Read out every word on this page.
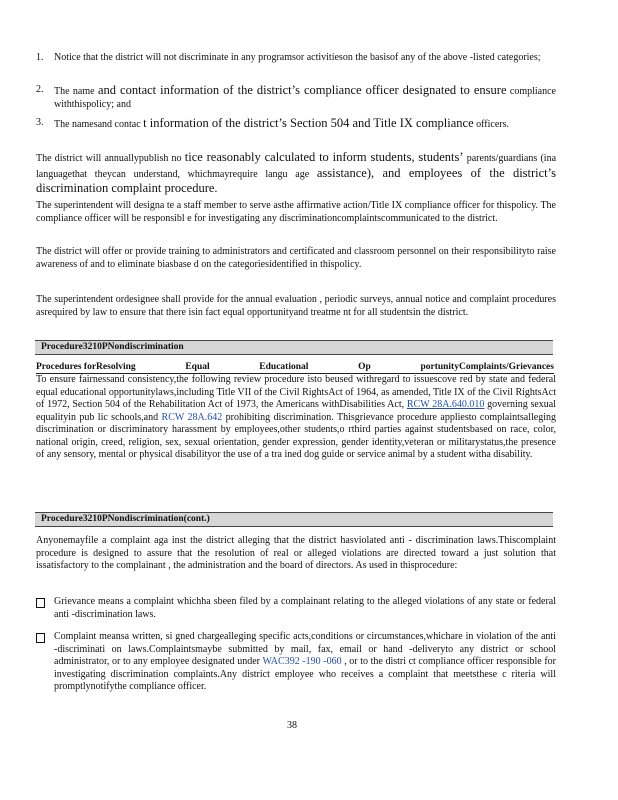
1. Notice that the district will not discriminate in any programsor activitieson the basisof any of the above -listed categories;
2. The name and contact information of the district’s compliance officer designated to ensure compliance withthispolicy; and
3. The namesand contac t information of the district’s Section 504 and Title IX compliance officers.
The district will annuallypublish no tice reasonably calculated to inform students, students’ parents/guardians (ina languagethat theycan understand, whichmayrequire langu age assistance), and employees of the district’s discrimination complaint procedure.
The superintendent will designa te a staff member to serve asthe affirmative action/Title IX compliance officer for thispolicy. The compliance officer will be responsibl e for investigating any discriminationcomplaintscommunicated to the district.
The district will offer or provide training to administrators and certificated and classroom personnel on their responsibilityto raise awareness of and to eliminate biasbase d on the categoriesidentified in thispolicy.
The superintendent ordesignee shall provide for the annual evaluation , periodic surveys, annual notice and complaint procedures asrequired by law to ensure that there isin fact equal opportunityand treatme nt for all studentsin the district.
Procedure3210PNondiscrimination
Procedures forResolving	Equal	Educational	Op	portunityComplaints/Grievances
To ensure fairnessand consistency,the following review procedure isto beused withregard to issuescove red by state and federal equal educational opportunitylaws,including Title VII of the Civil RightsAct of 1964, as amended, Title IX of the Civil RightsAct of 1972, Section 504 of the Rehabilitation Act of 1973, the Americans withDisabilities Act, RCW 28A.640.010 governing sexual equalityin pub lic schools,and RCW 28A.642 prohibiting discrimination. Thisgrievance procedure appliesto complaintsalleging discrimination or discriminatory harassment by employees,other students,o rthird parties against studentsbased on race, color, national origin, creed, religion, sex, sexual orientation, gender expression, gender identity,veteran or militarystatus,the presence of any sensory, mental or physical disabilityor the use of a tra ined dog guide or service animal by a student witha disability.
Procedure3210PNondiscrimination(cont.)
Anyonemayfile a complaint aga inst the district alleging that the district hasviolated anti - discrimination laws.Thiscomplaint procedure is designed to assure that the resolution of real or alleged violations are directed toward a just solution that issatisfactory to the complainant , the administration and the board of directors. As used in thisprocedure:
Grievance means a complaint whichha sbeen filed by a complainant relating to the alleged violations of any state or federal anti -discrimination laws.
Complaint meansa written, si gned chargealleging specific acts,conditions or circumstances,whichare in violation of the anti -discriminati on laws.Complaintsmaybe submitted by mail, fax, email or hand -deliveryto any district or school administrator, or to any employee designated under WAC392 -190 -060 , or to the distri ct compliance officer responsible for investigating discrimination complaints.Any district employee who receives a complaint that meetsthese c riteria will promptlynotifythe compliance officer.
38
